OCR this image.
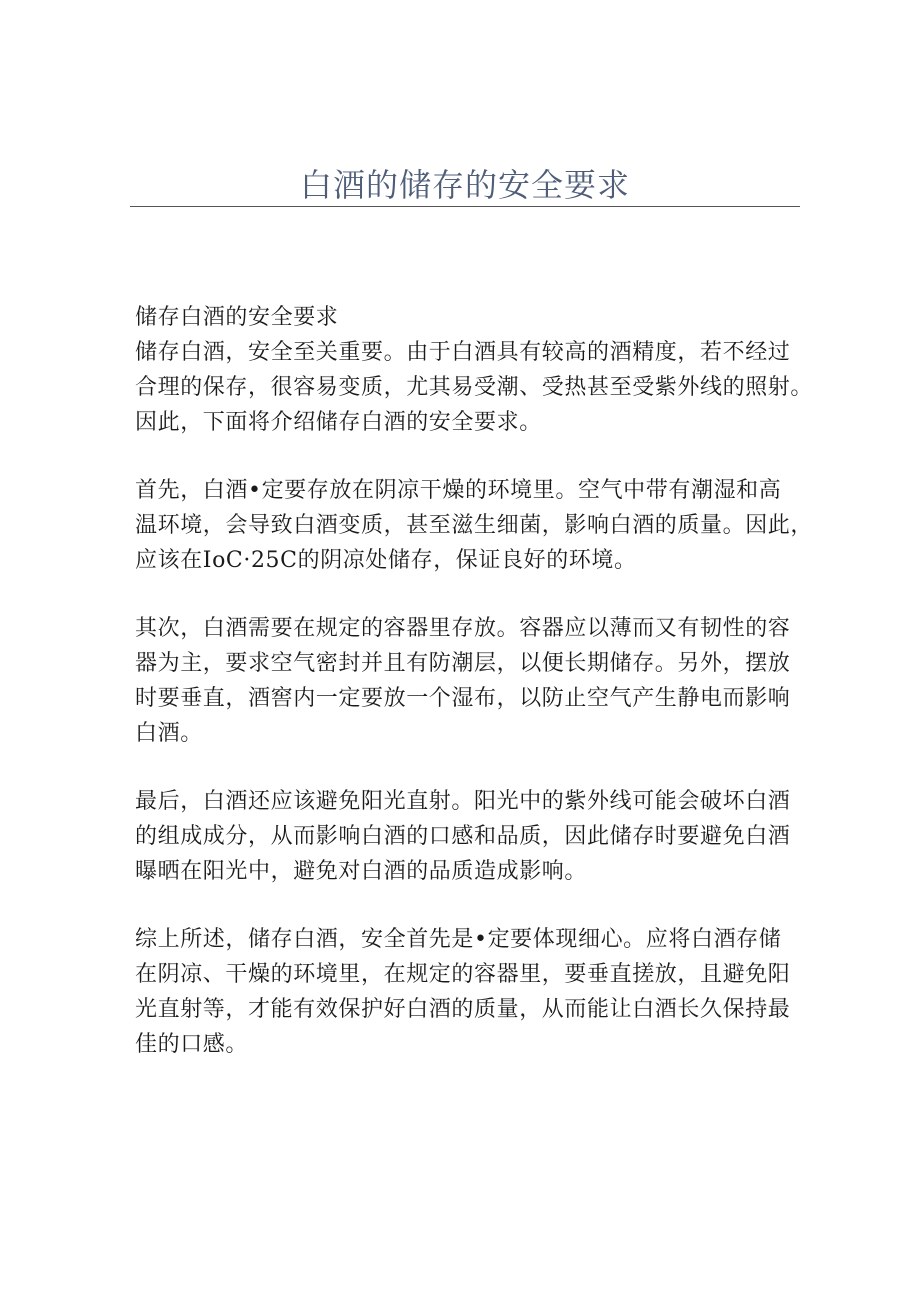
白酒的储存的安全要求
储存白酒的安全要求
储存白酒，安全至关重要。由于白酒具有较高的酒精度，若不经过
合理的保存，很容易变质，尤其易受潮、受热甚至受紫外线的照射。
因此，下面将介绍储存白酒的安全要求。
首先，白酒•定要存放在阴凉干燥的环境里。空气中带有潮湿和高
温环境，会导致白酒变质，甚至滋生细菌，影响白酒的质量。因此，
应该在IoC·25C的阴凉处储存，保证良好的环境。
其次，白酒需要在规定的容器里存放。容器应以薄而又有韧性的容
器为主，要求空气密封并且有防潮层，以便长期储存。另外，摆放
时要垂直，酒窖内一定要放一个湿布，以防止空气产生静电而影响
白酒。
最后，白酒还应该避免阳光直射。阳光中的紫外线可能会破坏白酒
的组成成分，从而影响白酒的口感和品质，因此储存时要避免白酒
曝晒在阳光中，避免对白酒的品质造成影响。
综上所述，储存白酒，安全首先是•定要体现细心。应将白酒存储
在阴凉、干燥的环境里，在规定的容器里，要垂直搓放，且避免阳
光直射等，才能有效保护好白酒的质量，从而能让白酒长久保持最
佳的口感。
